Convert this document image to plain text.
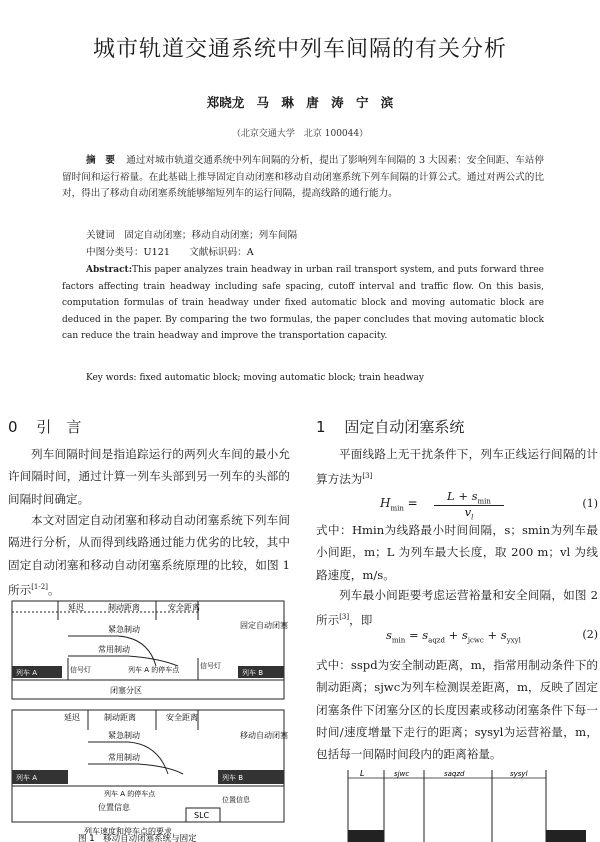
城市轨道交通系统中列车间隔的有关分析
郑晓龙 马 琳 唐 涛 宁 滨
（北京交通大学　北京 100044）
摘　要 通过对城市轨道交通系统中列车间隔的分析，提出了影响列车间隔的 3 大因素：安全间距、车站停留时间和运行裕量。在此基础上推导固定自动闭塞和移动自动闭塞系统下列车间隔的计算公式。通过对两公式的比对，得出了移动自动闭塞系统能够缩短列车的运行间隔，提高线路的通行能力。
关键词　固定自动闭塞；移动自动闭塞；列车间隔
中图分类号：U121　　文献标识码：A
Abstract:This paper analyzes train headway in urban rail transport system, and puts forward three factors affecting train headway including safe spacing, cutoff interval and traffic flow. On this basis, computation formulas of train headway under fixed automatic block and moving automatic block are deduced in the paper. By comparing the two formulas, the paper concludes that moving automatic block can reduce the train headway and improve the transportation capacity.
Key words: fixed automatic block; moving automatic block; train headway
0 引　言	1 固定自动闭塞系统
列车间隔时间是指追踪运行的两列火车间的最小允许间隔时间，通过计算一列车头部到另一列车的头部的间隔时间确定。
本文对固定自动闭塞和移动自动闭塞系统下列车间隔进行分析，从而得到线路通过能力优劣的比较，其中固定自动闭塞和移动自动闭塞系统原理的比较，如图 1 所示[1-2]。
延迟	制动距离	安全距离
紧急制动
常用制动
列车 A	列车 B
信号灯	信号灯
列车 A 的停车点
闭塞分区
固定自动闭塞
延迟	制动距离	安全距离
紧急制动
常用制动
列车 A	列车 B
列车 A 的停车点
位置信息
SLC
位置信息
移动自动闭塞
列车速度和停车点的要求
图 1　移动自动闭塞系统与固定
平面线路上无干扰条件下，列车正线运行间隔的计算方法为[3]
$H_{min}$ =	$L + s_{min}$
$v_l$
(1)
式中：Hmin为线路最小时间间隔，s；smin为列车最小间距，m；L 为列车最大长度，取 200 m；vl 为线路速度，m/s。
列车最小间距要考虑运营裕量和安全间隔，如图 2 所示[3]，即
$s_{min} = s_{aqzd} + s_{jcwc} + s_{yxyl}$	(2)
式中：sspd为安全制动距离，m，指常用制动条件下的制动距离；sjwc为列车检测误差距离，m，反映了固定闭塞条件下闭塞分区的长度因素或移动闭塞条件下每一时间/速度增量下走行的距离；sysyl为运营裕量，m，包括每一间隔时间段内的距离裕量。
L	sjwc	saqzd	sysyl
